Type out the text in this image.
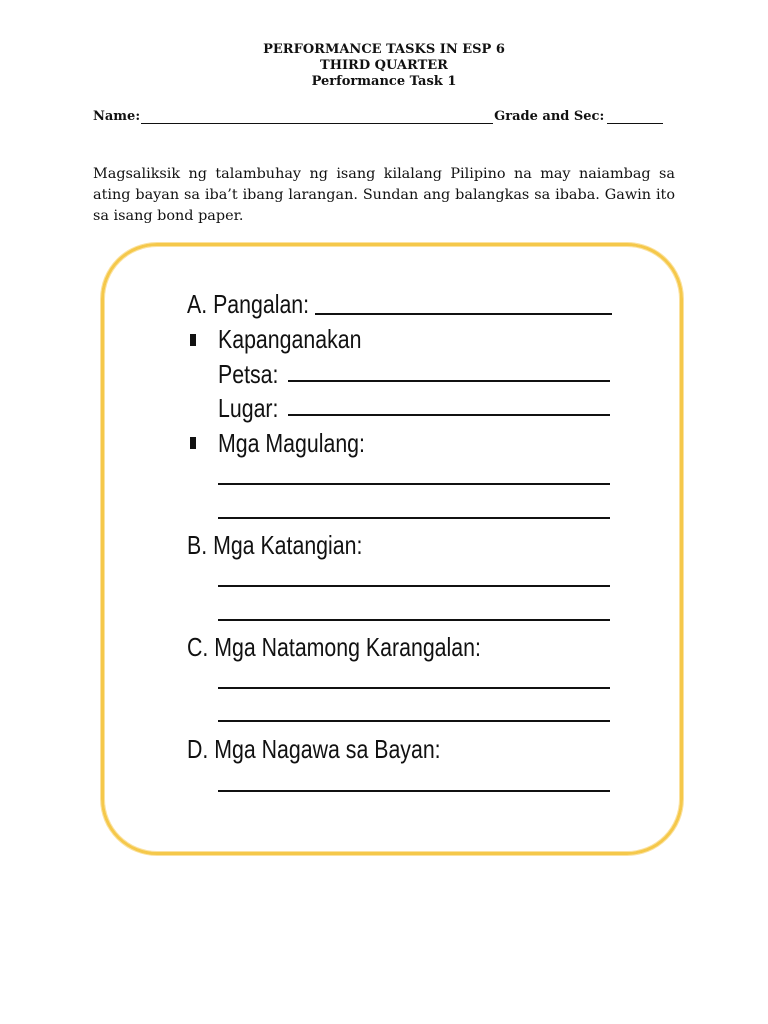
PERFORMANCE TASKS IN ESP 6
THIRD QUARTER
Performance Task 1
Name:	Grade and Sec:
Magsaliksik ng talambuhay ng isang kilalang Pilipino na may naiambag sa ating bayan sa iba’t ibang larangan. Sundan ang balangkas sa ibaba. Gawin ito sa isang bond paper.
A. Pangalan:
Kapanganakan
Petsa:
Lugar:
Mga Magulang:
B. Mga Katangian:
C. Mga Natamong Karangalan:
D. Mga Nagawa sa Bayan:
